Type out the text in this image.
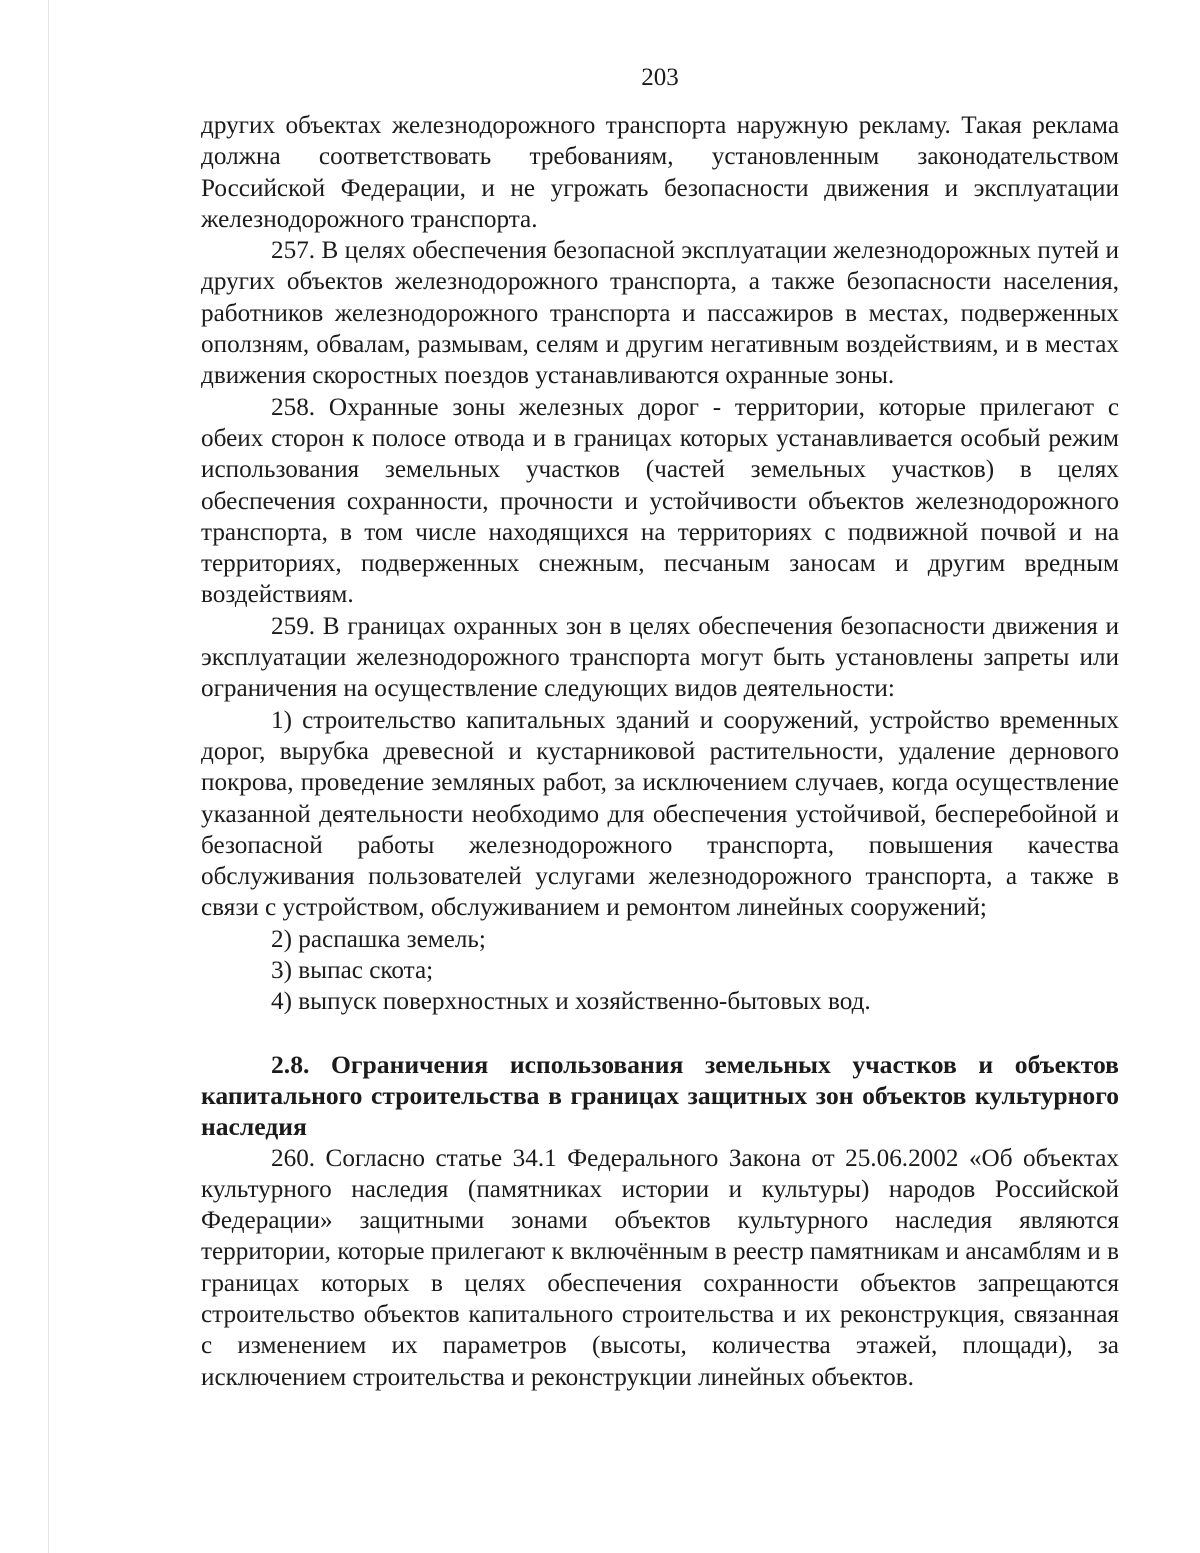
203

других объектах железнодорожного транспорта наружную рекламу. Такая реклама должна соответствовать требованиям, установленным законодательством Российской Федерации, и не угрожать безопасности движения и эксплуатации железнодорожного транспорта.

257. В целях обеспечения безопасной эксплуатации железнодорожных путей и других объектов железнодорожного транспорта, а также безопасности населения, работников железнодорожного транспорта и пассажиров в местах, подверженных оползням, обвалам, размывам, селям и другим негативным воздействиям, и в местах движения скоростных поездов устанавливаются охранные зоны.

258. Охранные зоны железных дорог - территории, которые прилегают с обеих сторон к полосе отвода и в границах которых устанавливается особый режим использования земельных участков (частей земельных участков) в целях обеспечения сохранности, прочности и устойчивости объектов железнодорожного транспорта, в том числе находящихся на территориях с подвижной почвой и на территориях, подверженных снежным, песчаным заносам и другим вредным воздействиям.

259. В границах охранных зон в целях обеспечения безопасности движения и эксплуатации железнодорожного транспорта могут быть установлены запреты или ограничения на осуществление следующих видов деятельности:

1) строительство капитальных зданий и сооружений, устройство временных дорог, вырубка древесной и кустарниковой растительности, удаление дернового покрова, проведение земляных работ, за исключением случаев, когда осуществление указанной деятельности необходимо для обеспечения устойчивой, бесперебойной и безопасной работы железнодорожного транспорта, повышения качества обслуживания пользователей услугами железнодорожного транспорта, а также в связи с устройством, обслуживанием и ремонтом линейных сооружений;

2) распашка земель;

3) выпас скота;

4) выпуск поверхностных и хозяйственно-бытовых вод.

2.8. Ограничения использования земельных участков и объектов капитального строительства в границах защитных зон объектов культурного наследия

260. Согласно статье 34.1 Федерального Закона от 25.06.2002 «Об объектах культурного наследия (памятниках истории и культуры) народов Российской Федерации» защитными зонами объектов культурного наследия являются территории, которые прилегают к включённым в реестр памятникам и ансамблям и в границах которых в целях обеспечения сохранности объектов запрещаются строительство объектов капитального строительства и их реконструкция, связанная с изменением их параметров (высоты, количества этажей, площади), за исключением строительства и реконструкции линейных объектов.
